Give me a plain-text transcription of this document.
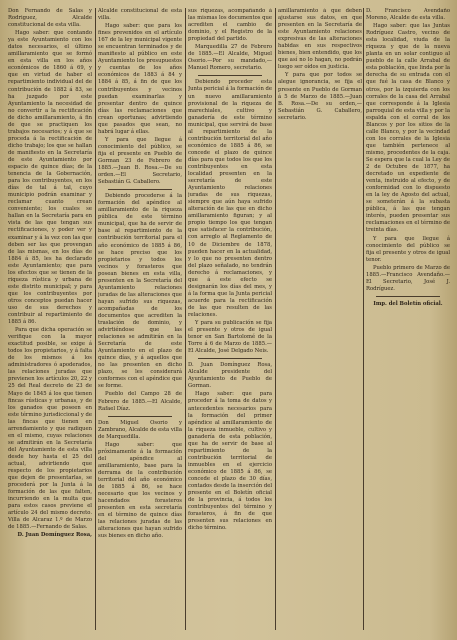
Don Fernando de Salas y Rodriguez, Alcalde constitucional de esta villa.

Hago saber: que contando ya este Ayuntamiento con los datos necesarios, el último amillaramiento que se formó en esta villa en los años económicos de 1860 á 69, y que en virtud de haber el repartimiento individual del de contribución de 1882 á 83, se ha juzgado por este Ayuntamiento la necesidad de no convertir a la rectificación de dicho amillaramiento, á fin de que se practiquen los trabajos necesarios; y á que se proceda á la rectificación de dicho trabajo; los que se hallan de manifiesto en la Secretaría de este Ayuntamiento por espacio de quince días; de la tenencia de la Gobernación, para los contribuyentes, en los días de tal á tal, cuyo municipio podrán examinar y reclamar cuanto crean conveniente; los cuales se hallan en la Secretaría para en vista de las que tengan sus rectificaciones, y poder ver y examinar y á la vez con las que deben ser las que provengan de las mismas, en los días de 1884 á 85, les ha declarado este Ayuntamiento; que para los efectos que se tienen de la riqueza rústica y urbana de este distrito municipal; y para que los contribuyentes por otros conceptos puedan hacer uso de sus derechos y contribuir al repartimiento de 1885 á 86.

Para que dicha operación se verifique con la mayor exactitud posible, se exige á todos los propietarios, y á falta de los mismos á los administradores ó apoderados, las relaciones juradas que previenen los artículos 20, 22 y 25 del Real decreto de 23 de Mayo de 1845 á los que tienen fincas rústicas y urbanas, y de los ganados que poseen en este término jurisdiccional y de las fincas que tienen en arrendamiento y que radiquen en el mismo, cuyas relaciones se admitirán en la Secretaría del Ayuntamiento de esta villa desde hoy hasta el 25 del actual, advirtiendo que respecto de los propietarios que dejen de presentarlas, se procederá por la Junta á la formación de las que falten, incurriendo en la multa que para estos casos previene el artículo 24 del mismo decreto. Villa de Alcaraz 1.º de Marzo de 1885.—Fernando de Salas.

D. Juan Domínguez Rosa,

Alcalde constitucional de esta villa.

Hago saber: que para los fines prevenidos en el artículo 167 de la ley municipal vigente se encuentran terminados y de manifiesto al público en este Ayuntamiento los presupuestos y cuentas de los años económicos de 1883 á 84 y 1884 á 85, á fin de que los contribuyentes y vecinos puedan examinarlas y presentar dentro de quince días las reclamaciones que crean oportunas; advirtiendo que pasados que sean, no habrá lugar á ellas.

Y para que llegue á conocimiento del público, se fija el presente en Pueblo de Gorman 23 de Febrero de 1885.—Juan B. Rosa.—De su orden.—El Secretario, Sebastián G. Caballero.

Debiendo procederse á la formación del apéndice al amillaramiento de la riqueza pública de este término municipal, que ha de servir de base al repartimiento de la contribución territorial para el año económico de 1885 á 86, se hace preciso que los propietarios y todos los vecinos y forasteros que posean bienes en esta villa, presenten en la Secretaría del Ayuntamiento relaciones juradas de las alteraciones que hayan sufrido sus riquezas, acompañadas de los documentos que acrediten la traslación de dominio, y advirtiéndose que las relaciones se admitirán en la Secretaría de este Ayuntamiento en el plazo de quince días, y á aquellos que no las presenten en dicho plazo, se les considerará conformes con el apéndice que se forme.

Pueblo del Campo 28 de Febrero de 1885.—El Alcalde, Rafael Díaz.

Don Miguel Osorio y Zambrano, Alcalde de esta villa de Marquedilla.

Hago saber: que próximamente á la formación del apéndice al amillaramiento, base para la derrama de la contribución territorial del año económico de 1885 á 86, se hace necesario que los vecinos y hacendados forasteros presenten en esta secretaría en el término de quince días las relaciones juradas de las alteraciones que hayan sufrido sus bienes en dicho año.

sus riquezas, acompañando á las mismas los documentos que acrediten el cambio de dominio, y el Registro de la propiedad del partido.

Marquedilla 27 de Febrero de 1885.—El Alcalde, Miguel Osorio.—Por su mandado,—Manuel Romero, secretario.

Debiendo proceder esta Junta pericial á la formación de un nuevo amillaramiento provisional de la riqueza de marechiales, cultivo y ganadería de este término municipal, que servirá de base al repartimiento de la contribución territorial del año económico de 1885 á 86, se concede el plazo de quince días para que todos los que los contribuyentes en esta localidad presenten en la secretaría de este Ayuntamiento relaciones juradas de sus riquezas, siempre que aún haya sufrido alteración de las que en dicho amillaramiento figuran; y al propio tiempo los que tengan que satisfacer la contribución, con arreglo al Reglamento de 10 de Diciembre de 1878, pueden hacer en la actualidad, y lo que no presenten dentro del plazo señalado, no tendrán derecho á reclamaciones, y que á este efecto se designarán los días del mes, y á la forma que la Junta pericial acuerde para la rectificación de las que resulten de las relaciones.

Y para su publicación se fija el presente y otros de igual tenor en San Bartolomé de la Torre á 6 de Marzo de 1885.—El Alcalde, José Delgado Neis.

D. Juan Domínguez Rosa, Alcalde presidente del Ayuntamiento de Pueblo de Gorman.

Hago saber: que para proceder á la toma de datos y antecedentes necesarios para la formación del primer apéndice al amillaramiento de la riqueza inmueble, cultivo y ganadería de esta población, que ha de servir de base al repartimiento de la contribución territorial de inmuebles en el ejercicio económico de 1885 á 86, se concede el plazo de 30 días, contados desde la inserción del presente en el Boletín oficial de la provincia, á todos los contribuyentes del término y forasteros, á fin de que presenten sus relaciones en dicho término.

amillaramiento á que deben ajustarse sus datos, en que presenten en la Secretaría de este Ayuntamiento relaciones expresivas de las alteraciones habidas en sus respectivos bienes, bien entendido, que los que así no lo hagan, no podrán luego ser oídos en justicia.

Y para que por todos se alegue ignorancia, se fija el presente en Pueblo de Gorman á 5 de Marzo de 1885.—Juan B. Rosa.—De su orden,—Sebastián G. Caballero, secretario.

D. Francisco Avendaño Moreno, Alcalde de esta villa.

Hago saber: que las Juntas Rodríguez Castro, vecino de esta localidad, viuda de la riqueza y que de la nueva planta en un solar contiguo al pueblo de la calle Arrabal de esta población, que linda por la derecha de su entrada con el que fué la casa de Blanco y otros, por la izquierda con los corrales de la casa del Arrabal que corresponde á la Iglesia parroquial de esta villa y por la espalda con el corral de los Blancos y por los sitios de la calle Blanco, y por la vecindad con los corrales de la Iglesia que también pertenece al mismo, procedentes de la caja. Se espera que la cual la Ley de 2 de Octubre de 1877, ha decretado un expediente de venta, instruido al efecto, y de conformidad con lo dispuesto en la ley de Agosto del actual, se someterán á la subasta pública, á las que tengan interés, pueden presentar sus reclamaciones en el término de treinta días.

Y para que llegue á conocimiento del público se fija el presente y otros de igual tenor.

Pueblo primero de Marzo de 1885.—Francisco Avendaño.—El Secretario, José J. Rodríguez.

Imp. del Boletín oficial.
